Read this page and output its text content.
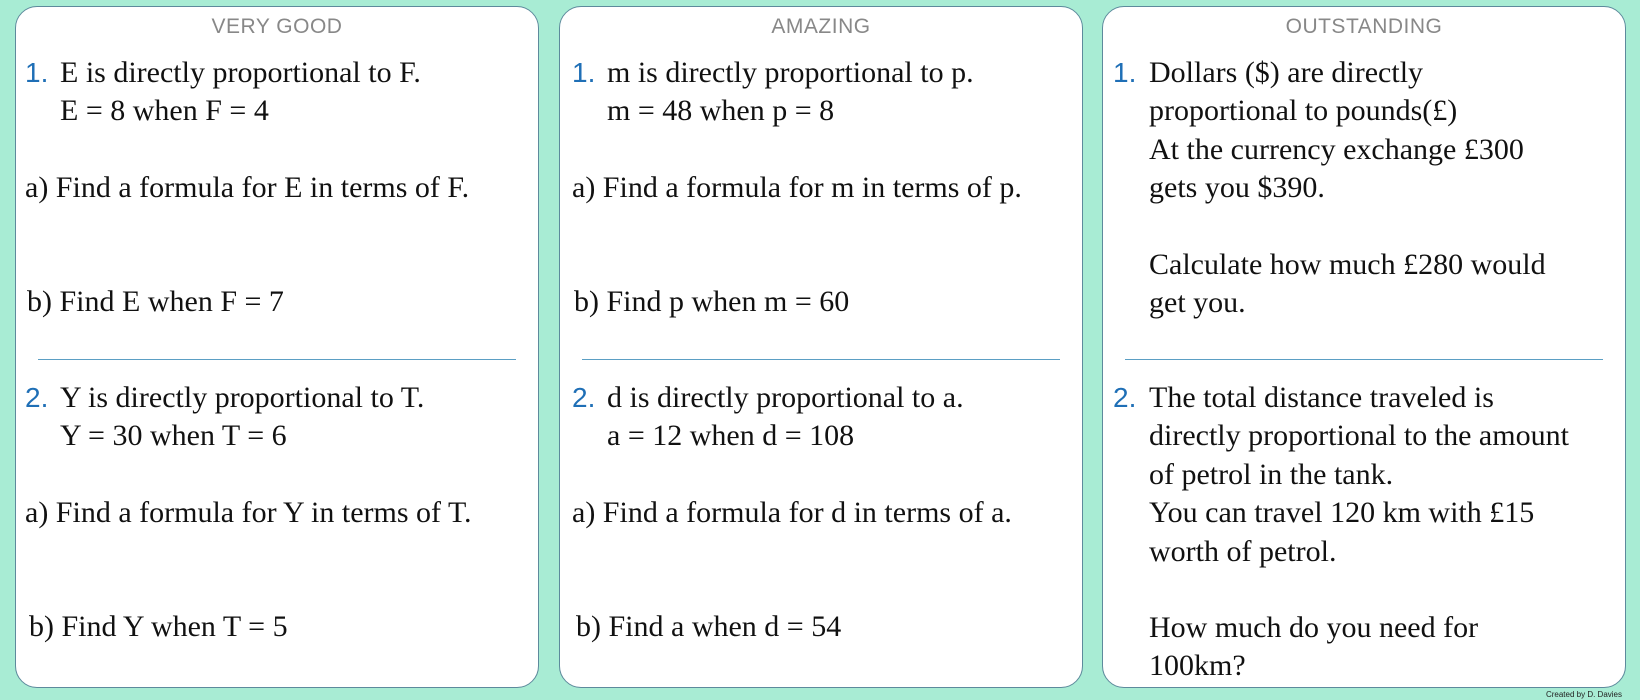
VERY GOOD
1. E is directly proportional to F.
E = 8 when F = 4
a) Find a formula for E in terms of F.
b) Find E when F = 7
2. Y is directly proportional to T.
Y = 30 when T = 6
a) Find a formula for Y in terms of T.
b) Find Y when T = 5
AMAZING
1. m is directly proportional to p.
m = 48 when p = 8
a) Find a formula for m in terms of p.
b) Find p when m = 60
2. d is directly proportional to a.
a = 12 when d = 108
a) Find a formula for d in terms of a.
b) Find a when d = 54
OUTSTANDING
1. Dollars ($) are directly
proportional to pounds(£)
At the currency exchange £300
gets you $390.
Calculate how much £280 would
get you.
2. The total distance traveled is
directly proportional to the amount
of petrol in the tank.
You can travel 120 km with £15
worth of petrol.
How much do you need for
100km?
Created by D. Davies
